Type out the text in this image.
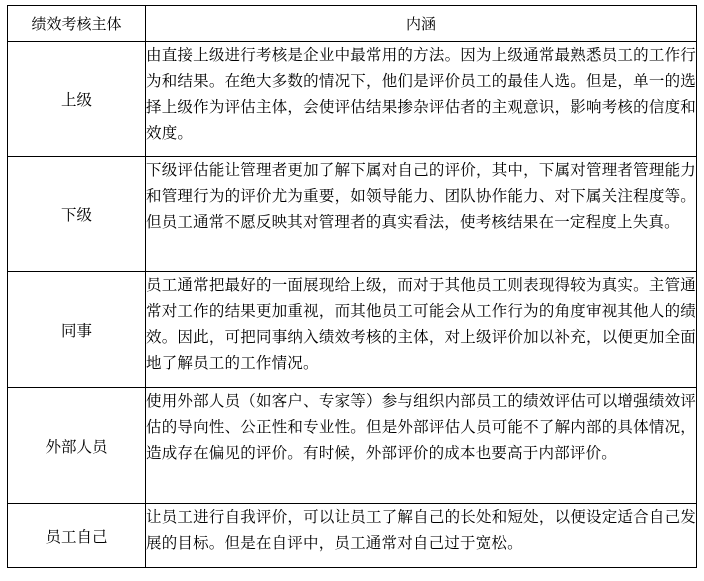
绩效考核主体	内涵
上级	由直接上级进行考核是企业中最常用的方法。因为上级通常最熟悉员工的工作行为和结果。在绝大多数的情况下，他们是评价员工的最佳人选。但是，单一的选择上级作为评估主体，会使评估结果掺杂评估者的主观意识，影响考核的信度和效度。
下级	下级评估能让管理者更加了解下属对自己的评价，其中，下属对管理者管理能力和管理行为的评价尤为重要，如领导能力、团队协作能力、对下属关注程度等。但员工通常不愿反映其对管理者的真实看法，使考核结果在一定程度上失真。
同事	员工通常把最好的一面展现给上级，而对于其他员工则表现得较为真实。主管通常对工作的结果更加重视，而其他员工可能会从工作行为的角度审视其他人的绩效。因此，可把同事纳入绩效考核的主体，对上级评价加以补充，以便更加全面地了解员工的工作情况。
外部人员	使用外部人员（如客户、专家等）参与组织内部员工的绩效评估可以增强绩效评估的导向性、公正性和专业性。但是外部评估人员可能不了解内部的具体情况，造成存在偏见的评价。有时候，外部评价的成本也要高于内部评价。
员工自己	让员工进行自我评价，可以让员工了解自己的长处和短处，以便设定适合自己发展的目标。但是在自评中，员工通常对自己过于宽松。
